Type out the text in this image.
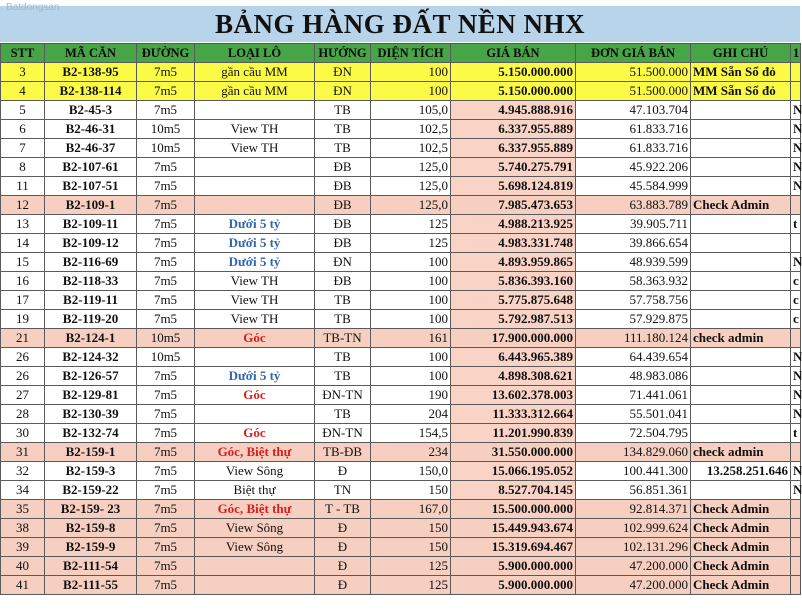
BẢNG HÀNG ĐẤT NỀN NHX
Batdongsan
STT	MÃ CĂN	ĐƯỜNG	LOẠI LÔ	HƯỚNG	DIỆN TÍCH	GIÁ BÁN	ĐƠN GIÁ BÁN	GHI CHÚ	1
3	B2-138-95	7m5	gần cầu MM	ĐN	100	5.150.000.000	51.500.000	MM Sẵn Sổ đỏ	
4	B2-138-114	7m5	gần cầu MM	ĐN	100	5.150.000.000	51.500.000	MM Sẵn Sổ đỏ	
5	B2-45-3	7m5		TB	105,0	4.945.888.916	47.103.704		N
6	B2-46-31	10m5	View TH	TB	102,5	6.337.955.889	61.833.716		N
7	B2-46-37	10m5	View TH	TB	102,5	6.337.955.889	61.833.716		N
8	B2-107-61	7m5		ĐB	125,0	5.740.275.791	45.922.206		N
11	B2-107-51	7m5		ĐB	125,0	5.698.124.819	45.584.999		N
12	B2-109-1	7m5		ĐB	125,0	7.985.473.653	63.883.789	Check Admin	
13	B2-109-11	7m5	Dưới 5 tỷ	ĐB	125	4.988.213.925	39.905.711		t
14	B2-109-12	7m5	Dưới 5 tỷ	ĐB	125	4.983.331.748	39.866.654		
15	B2-116-69	7m5	Dưới 5 tỷ	ĐN	100	4.893.959.865	48.939.599		N
16	B2-118-33	7m5	View TH	ĐB	100	5.836.393.160	58.363.932		c
17	B2-119-11	7m5	View TH	TB	100	5.775.875.648	57.758.756		c
19	B2-119-20	7m5	View TH	TB	100	5.792.987.513	57.929.875		c
21	B2-124-1	10m5	Góc	TB-TN	161	17.900.000.000	111.180.124	check admin	
26	B2-124-32	10m5		TB	100	6.443.965.389	64.439.654		N
26	B2-126-57	7m5	Dưới 5 tỷ	TB	100	4.898.308.621	48.983.086		N
27	B2-129-81	7m5	Góc	ĐN-TN	190	13.602.378.003	71.441.061		N
28	B2-130-39	7m5		TB	204	11.333.312.664	55.501.041		N
30	B2-132-74	7m5	Góc	ĐN-TN	154,5	11.201.990.839	72.504.795		t
31	B2-159-1	7m5	Góc, Biệt thự	TB-ĐB	234	31.550.000.000	134.829.060	check admin	
32	B2-159-3	7m5	View Sông	Đ	150,0	15.066.195.052	100.441.300	13.258.251.646	N
34	B2-159-22	7m5	Biệt thự	TN	150	8.527.704.145	56.851.361		N
35	B2-159- 23	7m5	Góc, Biệt thự	T - TB	167,0	15.500.000.000	92.814.371	Check Admin	
38	B2-159-8	7m5	View Sông	Đ	150	15.449.943.674	102.999.624	Check Admin	
39	B2-159-9	7m5	View Sông	Đ	150	15.319.694.467	102.131.296	Check Admin	
40	B2-111-54	7m5		Đ	125	5.900.000.000	47.200.000	Check Admin	
41	B2-111-55	7m5		Đ	125	5.900.000.000	47.200.000	Check Admin	
